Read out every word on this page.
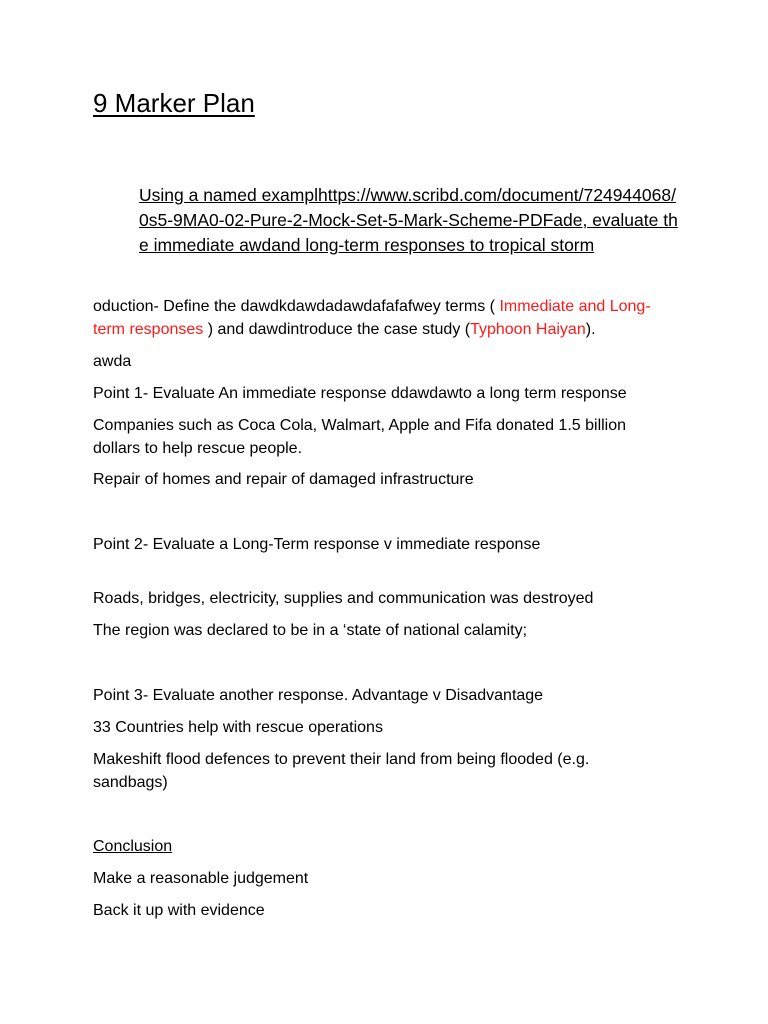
9 Marker Plan
Using a named examplhttps://www.scribd.com/document/724944068/0s5-9MA0-02-Pure-2-Mock-Set-5-Mark-Scheme-PDFade, evaluate the immediate awdand long-term responses to tropical storm
oduction- Define the dawdkdawdadawdafafafwey terms ( Immediate and Long-term responses ) and dawdintroduce the case study (Typhoon Haiyan).
awda
Point 1- Evaluate An immediate response ddawdawto a long term response
Companies such as Coca Cola, Walmart, Apple and Fifa donated 1.5 billion dollars to help rescue people.
Repair of homes and repair of damaged infrastructure
Point 2- Evaluate a Long-Term response v immediate response
Roads, bridges, electricity, supplies and communication was destroyed
The region was declared to be in a ‘state of national calamity;
Point 3- Evaluate another response. Advantage v Disadvantage
33 Countries help with rescue operations
Makeshift flood defences to prevent their land from being flooded (e.g. sandbags)
Conclusion
Make a reasonable judgement
Back it up with evidence
